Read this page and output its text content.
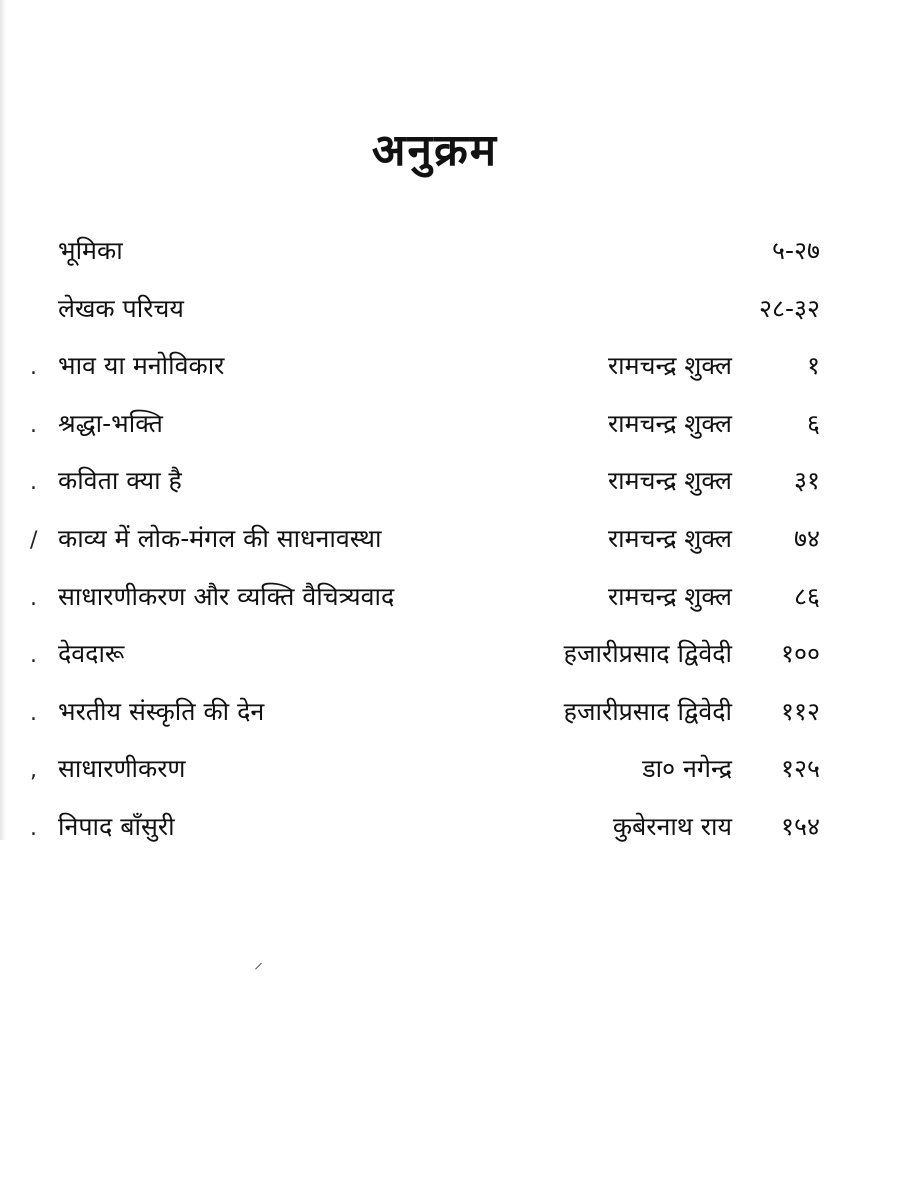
अनुक्रम
भूमिका	५-२७
लेखक परिचय	२८-३२
. भाव या मनोविकार	रामचन्द्र शुक्ल	१
. श्रद्धा-भक्ति	रामचन्द्र शुक्ल	६
. कविता क्या है	रामचन्द्र शुक्ल ३१
/ काव्य में लोक-मंगल की साधनावस्था	रामचन्द्र शुक्ल ७४
. साधारणीकरण और व्यक्ति वैचित्र्यवाद	रामचन्द्र शुक्ल ८६
. देवदारू	हजारीप्रसाद द्विवेदी १००
. भरतीय संस्कृति की देन	हजारीप्रसाद द्विवेदी ११२
, साधारणीकरण	डा० नगेन्द्र १२५
. निपाद बाँसुरी	कुबेरनाथ राय १५४
⸝
